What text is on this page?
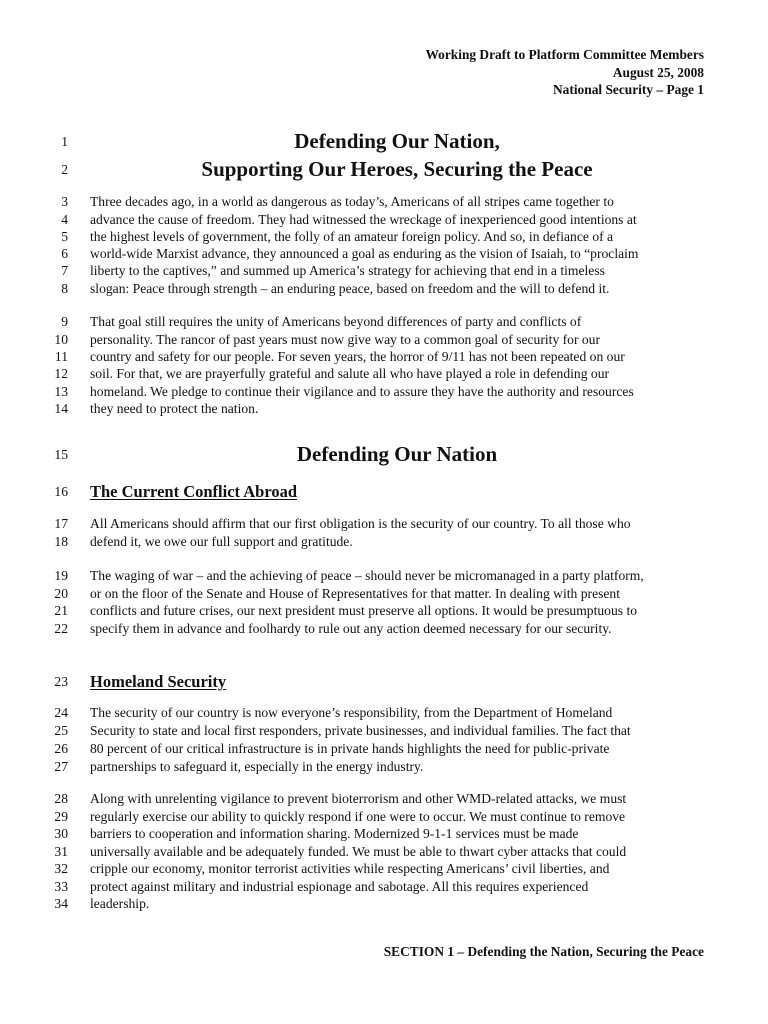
Working Draft to Platform Committee Members
August 25, 2008
National Security – Page 1
1	Defending Our Nation,
2	Supporting Our Heroes, Securing the Peace
3 Three decades ago, in a world as dangerous as today’s, Americans of all stripes came together to
4 advance the cause of freedom. They had witnessed the wreckage of inexperienced good intentions at
5 the highest levels of government, the folly of an amateur foreign policy. And so, in defiance of a
6 world-wide Marxist advance, they announced a goal as enduring as the vision of Isaiah, to “proclaim
7 liberty to the captives,” and summed up America’s strategy for achieving that end in a timeless
8 slogan: Peace through strength – an enduring peace, based on freedom and the will to defend it.
9 That goal still requires the unity of Americans beyond differences of party and conflicts of
10 personality. The rancor of past years must now give way to a common goal of security for our
11 country and safety for our people. For seven years, the horror of 9/11 has not been repeated on our
12 soil. For that, we are prayerfully grateful and salute all who have played a role in defending our
13 homeland. We pledge to continue their vigilance and to assure they have the authority and resources
14 they need to protect the nation.
15	Defending Our Nation
16 The Current Conflict Abroad
17 All Americans should affirm that our first obligation is the security of our country. To all those who
18 defend it, we owe our full support and gratitude.
19 The waging of war – and the achieving of peace – should never be micromanaged in a party platform,
20 or on the floor of the Senate and House of Representatives for that matter. In dealing with present
21 conflicts and future crises, our next president must preserve all options. It would be presumptuous to
22 specify them in advance and foolhardy to rule out any action deemed necessary for our security.
23 Homeland Security
24 The security of our country is now everyone’s responsibility, from the Department of Homeland
25 Security to state and local first responders, private businesses, and individual families. The fact that
26 80 percent of our critical infrastructure is in private hands highlights the need for public-private
27 partnerships to safeguard it, especially in the energy industry.
28 Along with unrelenting vigilance to prevent bioterrorism and other WMD-related attacks, we must
29 regularly exercise our ability to quickly respond if one were to occur. We must continue to remove
30 barriers to cooperation and information sharing. Modernized 9-1-1 services must be made
31 universally available and be adequately funded. We must be able to thwart cyber attacks that could
32 cripple our economy, monitor terrorist activities while respecting Americans’ civil liberties, and
33 protect against military and industrial espionage and sabotage. All this requires experienced
34 leadership.
SECTION 1 – Defending the Nation, Securing the Peace
